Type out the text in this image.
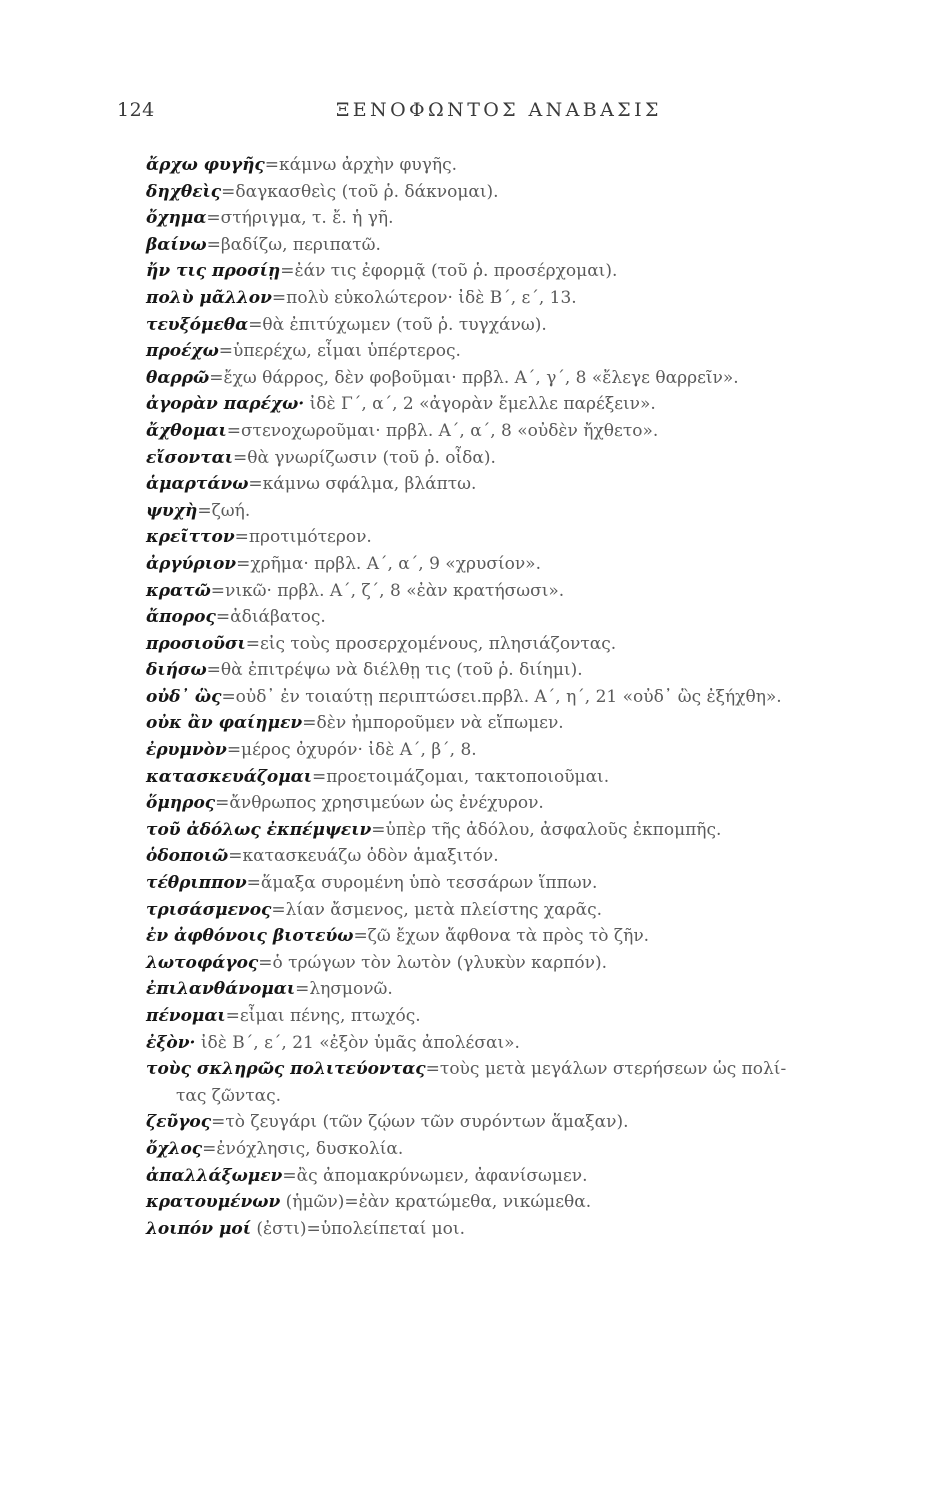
124	ΞΕΝΟΦΩΝΤΟΣ ΑΝΑΒΑΣΙΣ
ἄρχω φυγῆς=κάμνω ἀρχὴν φυγῆς.
δηχθεὶς=δαγκασθεὶς (τοῦ ῥ. δάκνομαι).
ὄχημα=στήριγμα, τ. ἔ. ἡ γῆ.
βαίνω=βαδίζω, περιπατῶ.
ἤν τις προσίῃ=ἐάν τις ἐφορμᾷ (τοῦ ῥ. προσέρχομαι).
πολὺ μᾶλλον=πολὺ εὐκολώτερον· ἰδὲ Β΄, ε΄, 13.
τευξόμεθα=θὰ ἐπιτύχωμεν (τοῦ ῥ. τυγχάνω).
προέχω=ὑπερέχω, εἶμαι ὑπέρτερος.
θαρρῶ=ἔχω θάρρος, δὲν φοβοῦμαι· πρβλ. Α΄, γ΄, 8 «ἔλεγε θαρρεῖν».
ἀγορὰν παρέχω· ἰδὲ Γ΄, α΄, 2 «ἀγορὰν ἔμελλε παρέξειν».
ἄχθομαι=στενοχωροῦμαι· πρβλ. Α΄, α΄, 8 «οὐδὲν ἤχθετο».
εἴσονται=θὰ γνωρίζωσιν (τοῦ ῥ. οἶδα).
ἁμαρτάνω=κάμνω σφάλμα, βλάπτω.
ψυχὴ=ζωή.
κρεῖττον=προτιμότερον.
ἀργύριον=χρῆμα· πρβλ. Α΄, α΄, 9 «χρυσίον».
κρατῶ=νικῶ· πρβλ. Α΄, ζ΄, 8 «ἐὰν κρατήσωσι».
ἄπορος=ἀδιάβατος.
προσιοῦσι=εἰς τοὺς προσερχομένους, πλησιάζοντας.
διήσω=θὰ ἐπιτρέψω νὰ διέλθῃ τις (τοῦ ῥ. διίημι).
οὐδ᾽ ὣς=οὐδ᾽ ἐν τοιαύτῃ περιπτώσει.πρβλ. Α΄, η΄, 21 «οὐδ᾽ ὣς ἐξήχθη».
οὐκ ἂν φαίημεν=δὲν ἠμποροῦμεν νὰ εἴπωμεν.
ἐρυμνὸν=μέρος ὀχυρόν· ἰδὲ Α΄, β΄, 8.
κατασκευάζομαι=προετοιμάζομαι, τακτοποιοῦμαι.
ὅμηρος=ἄνθρωπος χρησιμεύων ὡς ἐνέχυρον.
τοῦ ἀδόλως ἐκπέμψειν=ὑπὲρ τῆς ἀδόλου, ἀσφαλοῦς ἐκπομπῆς.
ὁδοποιῶ=κατασκευάζω ὁδὸν ἁμαξιτόν.
τέθριππον=ἅμαξα συρομένη ὑπὸ τεσσάρων ἵππων.
τρισάσμενος=λίαν ἄσμενος, μετὰ πλείστης χαρᾶς.
ἐν ἀφθόνοις βιοτεύω=ζῶ ἔχων ἄφθονα τὰ πρὸς τὸ ζῆν.
λωτοφάγος=ὁ τρώγων τὸν λωτὸν (γλυκὺν καρπόν).
ἐπιλανθάνομαι=λησμονῶ.
πένομαι=εἶμαι πένης, πτωχός.
ἐξὸν· ἰδὲ Β΄, ε΄, 21 «ἐξὸν ὑμᾶς ἀπολέσαι».
τοὺς σκληρῶς πολιτεύοντας=τοὺς μετὰ μεγάλων στερήσεων ὡς πολί-
τας ζῶντας.
ζεῦγος=τὸ ζευγάρι (τῶν ζῴων τῶν συρόντων ἅμαξαν).
ὄχλος=ἐνόχλησις, δυσκολία.
ἀπαλλάξωμεν=ἂς ἀπομακρύνωμεν, ἀφανίσωμεν.
κρατουμένων (ἡμῶν)=ἐὰν κρατώμεθα, νικώμεθα.
λοιπόν μοί (ἐστι)=ὑπολείπεταί μοι.
